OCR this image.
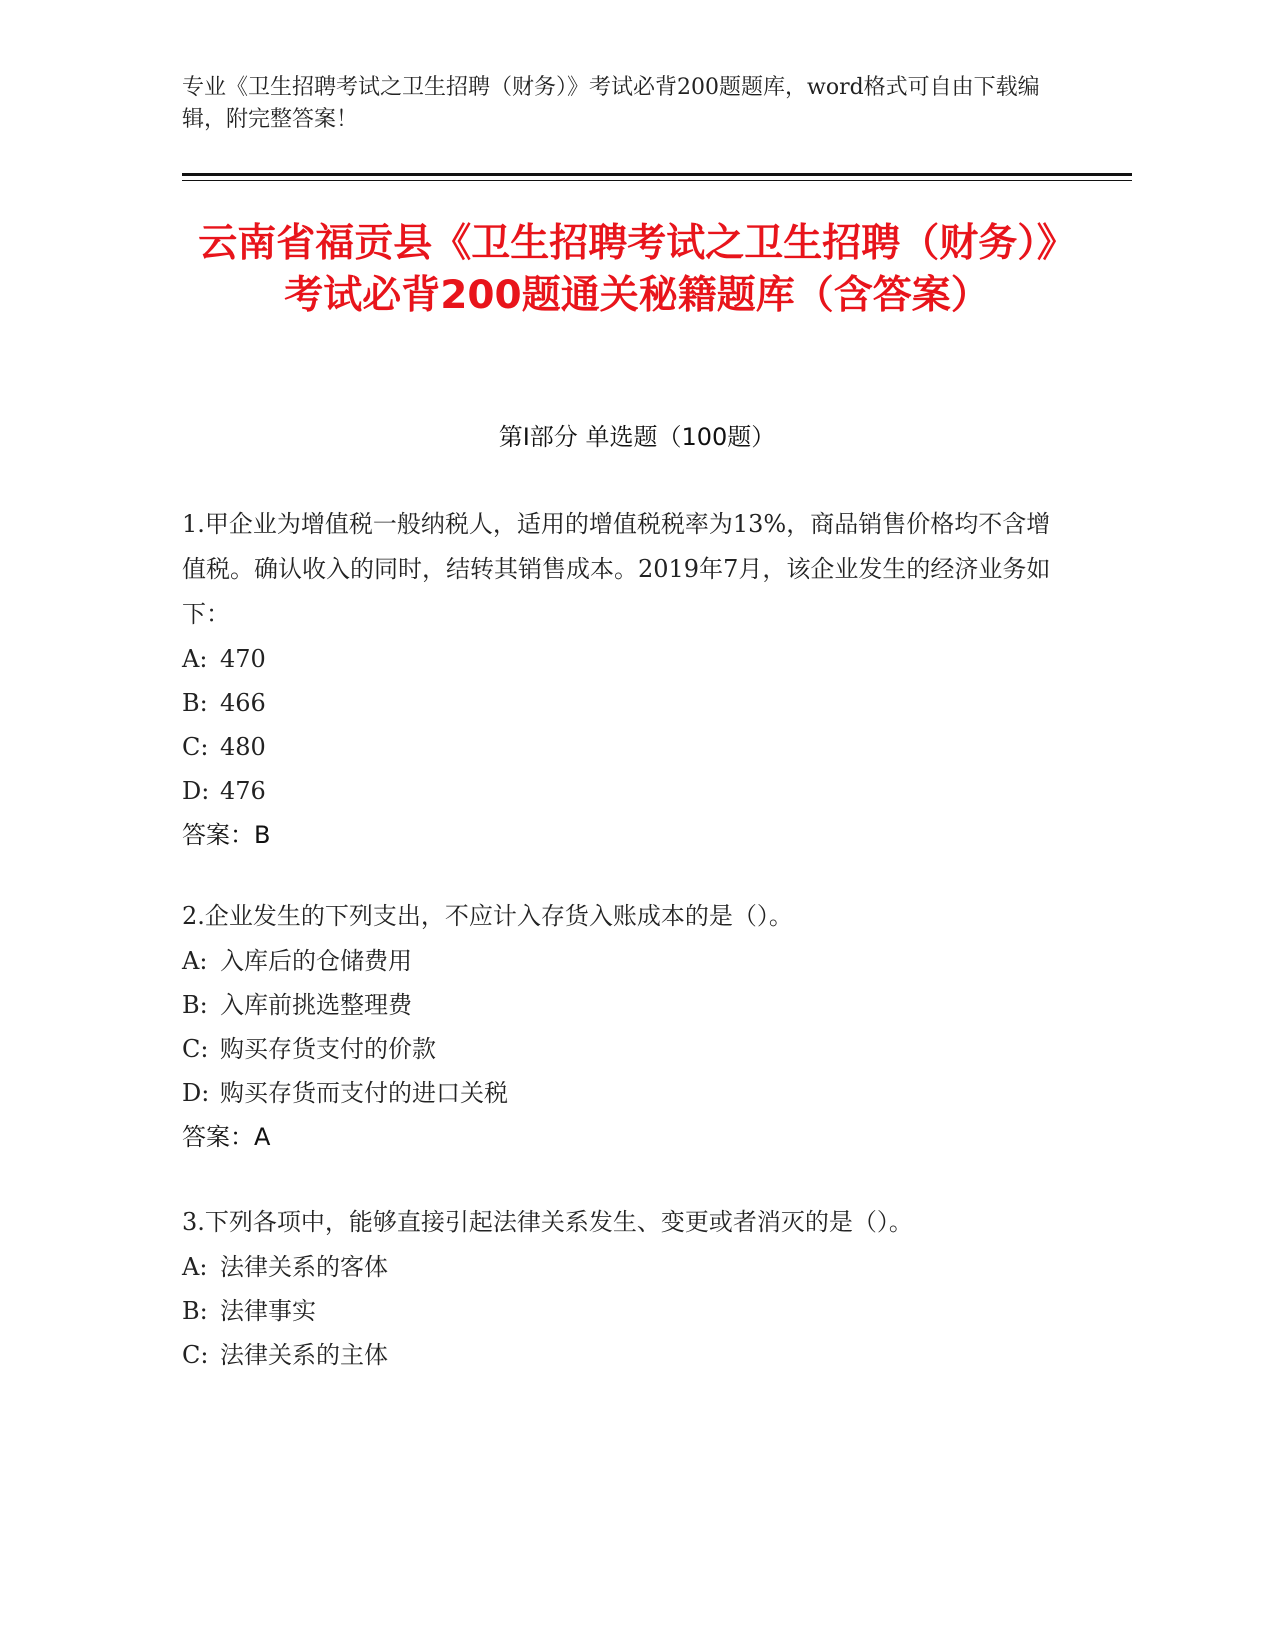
专业《卫生招聘考试之卫生招聘（财务）》考试必背200题题库，word格式可自由下载编辑，附完整答案！
云南省福贡县《卫生招聘考试之卫生招聘（财务）》考试必背200题通关秘籍题库（含答案）
第Ⅰ部分 单选题（100题）
1.甲企业为增值税一般纳税人，适用的增值税税率为13%，商品销售价格均不含增值税。确认收入的同时，结转其销售成本。2019年7月，该企业发生的经济业务如下：
A: 470
B: 466
C: 480
D: 476
答案：B
2.企业发生的下列支出，不应计入存货入账成本的是（）。
A: 入库后的仓储费用
B: 入库前挑选整理费
C: 购买存货支付的价款
D: 购买存货而支付的进口关税
答案：A
3.下列各项中，能够直接引起法律关系发生、变更或者消灭的是（）。
A: 法律关系的客体
B: 法律事实
C: 法律关系的主体
